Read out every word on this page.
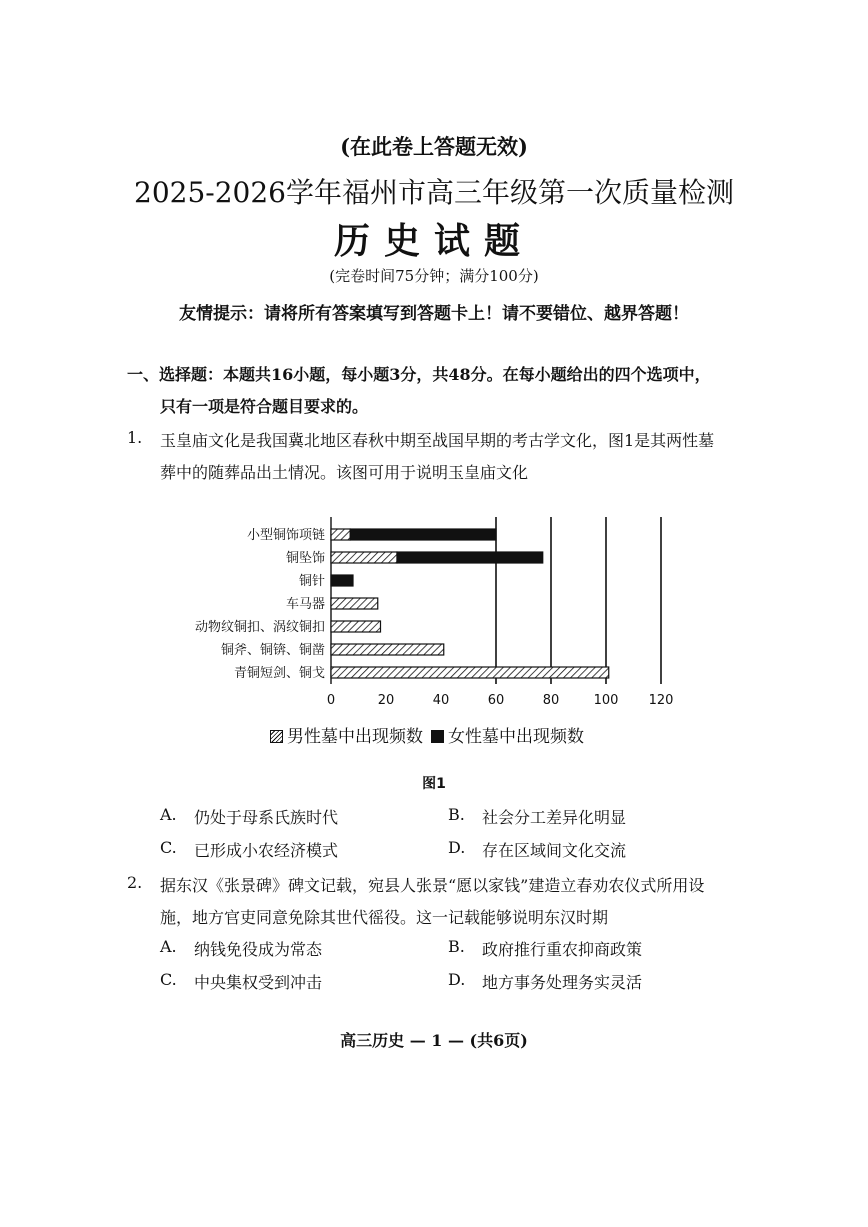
(在此卷上答题无效)
2025-2026学年福州市高三年级第一次质量检测
历史试题
(完卷时间75分钟；满分100分)
友情提示：请将所有答案填写到答题卡上！请不要错位、越界答题！
一、选择题：本题共16小题，每小题3分，共48分。在每小题给出的四个选项中，
只有一项是符合题目要求的。
1. 玉皇庙文化是我国冀北地区春秋中期至战国早期的考古学文化，图1是其两性墓
葬中的随葬品出土情况。该图可用于说明玉皇庙文化
0	20	40	60	80	100 120
小型铜饰项链
铜坠饰
铜针
车马器
动物纹铜扣、涡纹铜扣
铜斧、铜锛、铜凿
青铜短剑、铜戈
男性墓中出现频数 女性墓中出现频数
图1
A. 仍处于母系氏族时代	B. 社会分工差异化明显
C. 已形成小农经济模式	D. 存在区域间文化交流
2. 据东汉《张景碑》碑文记载，宛县人张景“愿以家钱”建造立春劝农仪式所用设
施，地方官吏同意免除其世代徭役。这一记载能够说明东汉时期
A. 纳钱免役成为常态	B. 政府推行重农抑商政策
C. 中央集权受到冲击	D. 地方事务处理务实灵活
高三历史 — 1 — (共6页)
